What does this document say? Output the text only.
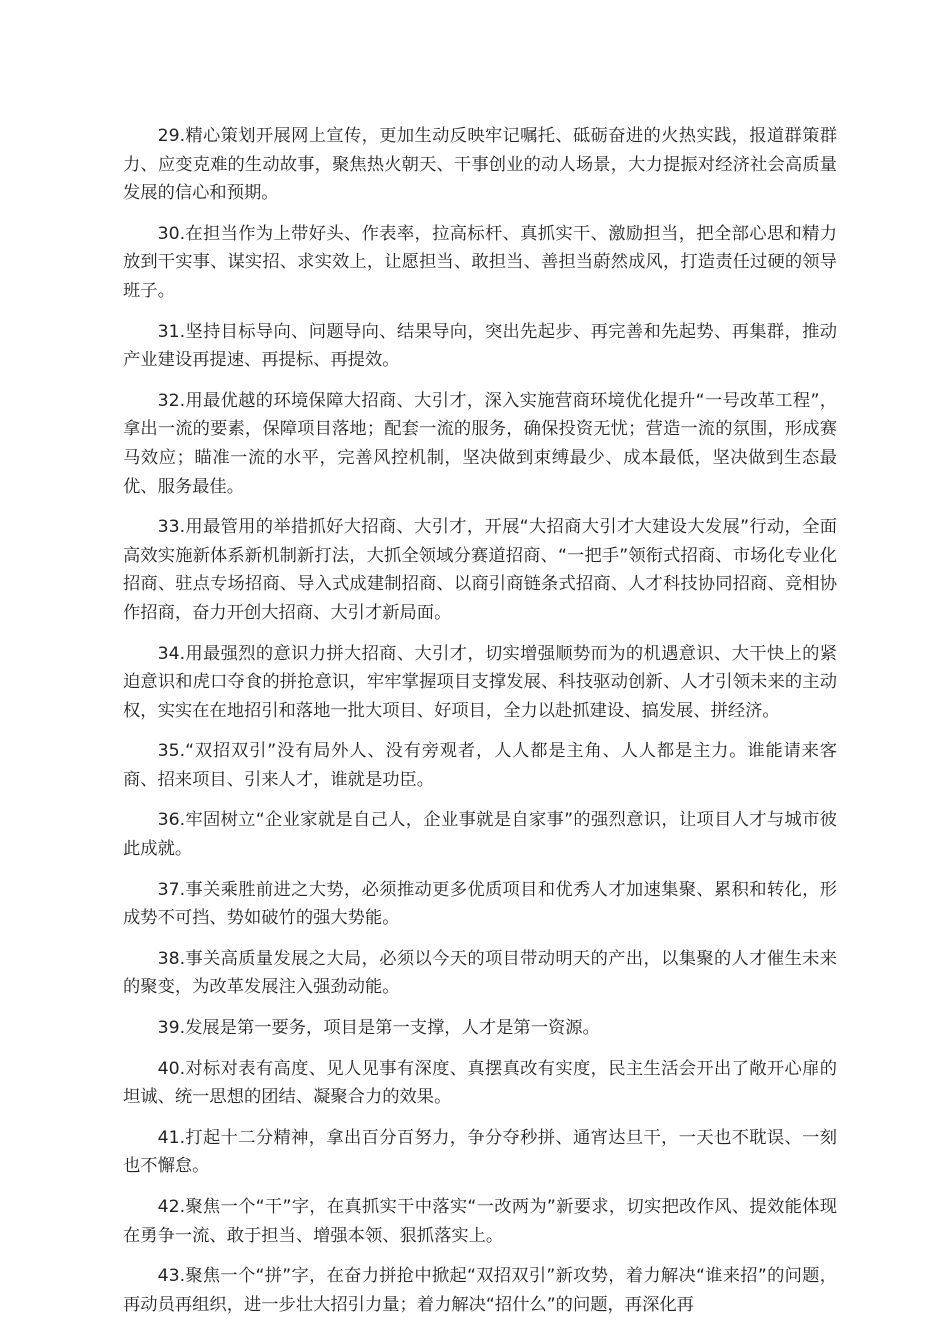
29.精心策划开展网上宣传，更加生动反映牢记嘱托、砥砺奋进的火热实践，报道群策群力、应变克难的生动故事，聚焦热火朝天、干事创业的动人场景，大力提振对经济社会高质量发展的信心和预期。

30.在担当作为上带好头、作表率，拉高标杆、真抓实干、激励担当，把全部心思和精力放到干实事、谋实招、求实效上，让愿担当、敢担当、善担当蔚然成风，打造责任过硬的领导班子。

31.坚持目标导向、问题导向、结果导向，突出先起步、再完善和先起势、再集群，推动产业建设再提速、再提标、再提效。

32.用最优越的环境保障大招商、大引才，深入实施营商环境优化提升“一号改革工程”，拿出一流的要素，保障项目落地；配套一流的服务，确保投资无忧；营造一流的氛围，形成赛马效应；瞄准一流的水平，完善风控机制，坚决做到束缚最少、成本最低，坚决做到生态最优、服务最佳。

33.用最管用的举措抓好大招商、大引才，开展“大招商大引才大建设大发展”行动，全面高效实施新体系新机制新打法，大抓全领域分赛道招商、“一把手”领衔式招商、市场化专业化招商、驻点专场招商、导入式成建制招商、以商引商链条式招商、人才科技协同招商、竞相协作招商，奋力开创大招商、大引才新局面。

34.用最强烈的意识力拼大招商、大引才，切实增强顺势而为的机遇意识、大干快上的紧迫意识和虎口夺食的拼抢意识，牢牢掌握项目支撑发展、科技驱动创新、人才引领未来的主动权，实实在在地招引和落地一批大项目、好项目，全力以赴抓建设、搞发展、拼经济。

35.“双招双引”没有局外人、没有旁观者，人人都是主角、人人都是主力。谁能请来客商、招来项目、引来人才，谁就是功臣。

36.牢固树立“企业家就是自己人，企业事就是自家事”的强烈意识，让项目人才与城市彼此成就。

37.事关乘胜前进之大势，必须推动更多优质项目和优秀人才加速集聚、累积和转化，形成势不可挡、势如破竹的强大势能。

38.事关高质量发展之大局，必须以今天的项目带动明天的产出，以集聚的人才催生未来的聚变，为改革发展注入强劲动能。

39.发展是第一要务，项目是第一支撑，人才是第一资源。

40.对标对表有高度、见人见事有深度、真摆真改有实度，民主生活会开出了敞开心扉的坦诚、统一思想的团结、凝聚合力的效果。

41.打起十二分精神，拿出百分百努力，争分夺秒拼、通宵达旦干，一天也不耽误、一刻也不懈怠。

42.聚焦一个“干”字，在真抓实干中落实“一改两为”新要求，切实把改作风、提效能体现在勇争一流、敢于担当、增强本领、狠抓落实上。

43.聚焦一个“拼”字，在奋力拼抢中掀起“双招双引”新攻势，着力解决“谁来招”的问题，再动员再组织，进一步壮大招引力量；着力解决“招什么”的问题，再深化再
